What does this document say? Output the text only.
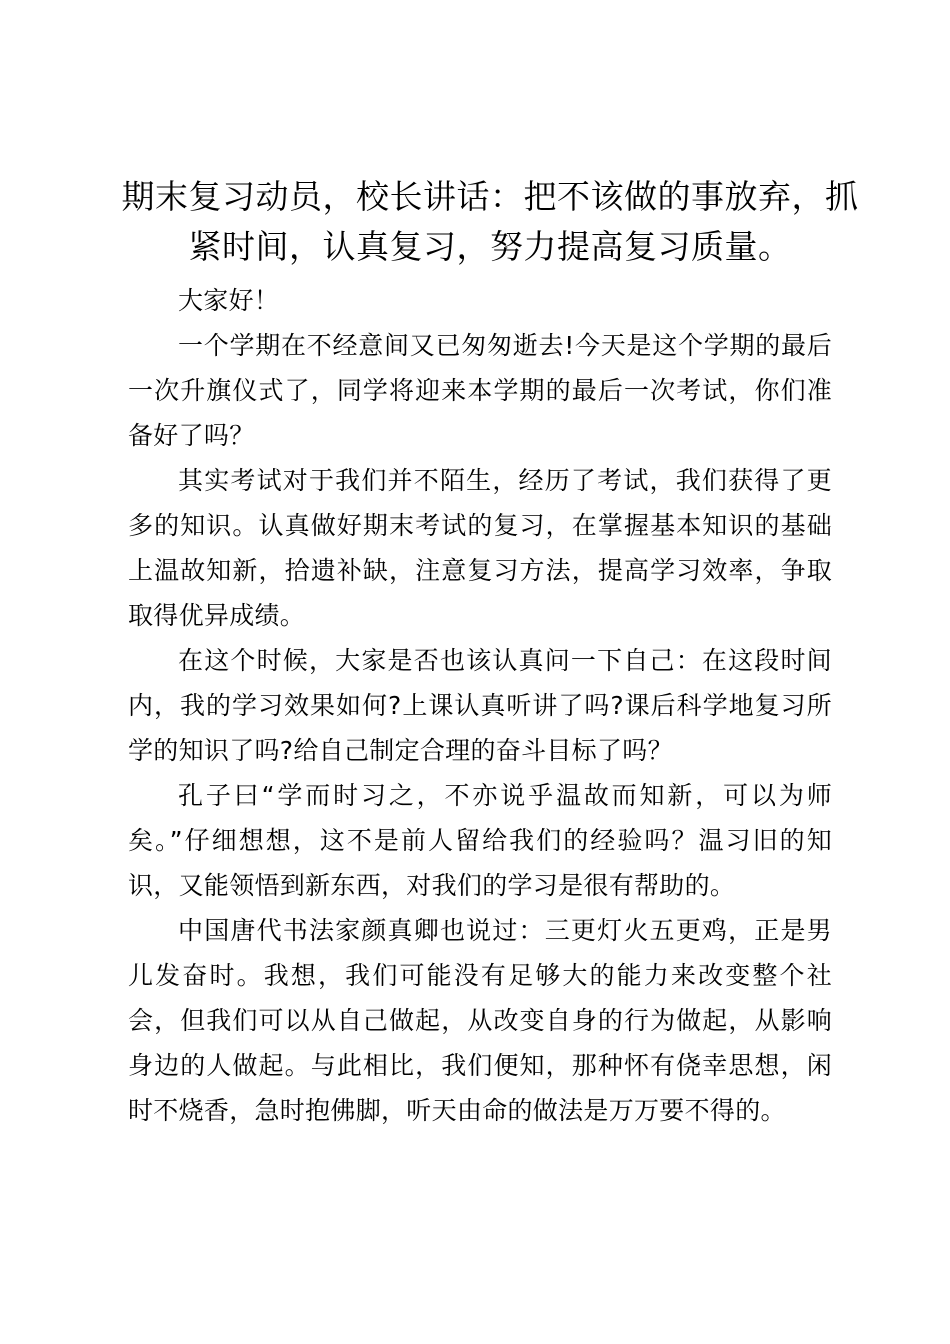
期末复习动员，校长讲话：把不该做的事放弃，抓紧时间，认真复习，努力提高复习质量。

大家好！

一个学期在不经意间又已匆匆逝去!今天是这个学期的最后一次升旗仪式了，同学将迎来本学期的最后一次考试，你们准备好了吗？

其实考试对于我们并不陌生，经历了考试，我们获得了更多的知识。认真做好期末考试的复习，在掌握基本知识的基础上温故知新，拾遗补缺，注意复习方法，提高学习效率，争取取得优异成绩。

在这个时候，大家是否也该认真问一下自己：在这段时间内，我的学习效果如何?上课认真听讲了吗?课后科学地复习所学的知识了吗?给自己制定合理的奋斗目标了吗？

孔子曰“学而时习之，不亦说乎温故而知新，可以为师矣。”仔细想想，这不是前人留给我们的经验吗？温习旧的知识，又能领悟到新东西，对我们的学习是很有帮助的。

中国唐代书法家颜真卿也说过：三更灯火五更鸡，正是男儿发奋时。我想，我们可能没有足够大的能力来改变整个社会，但我们可以从自己做起，从改变自身的行为做起，从影响身边的人做起。与此相比，我们便知，那种怀有侥幸思想，闲时不烧香，急时抱佛脚，听天由命的做法是万万要不得的。
